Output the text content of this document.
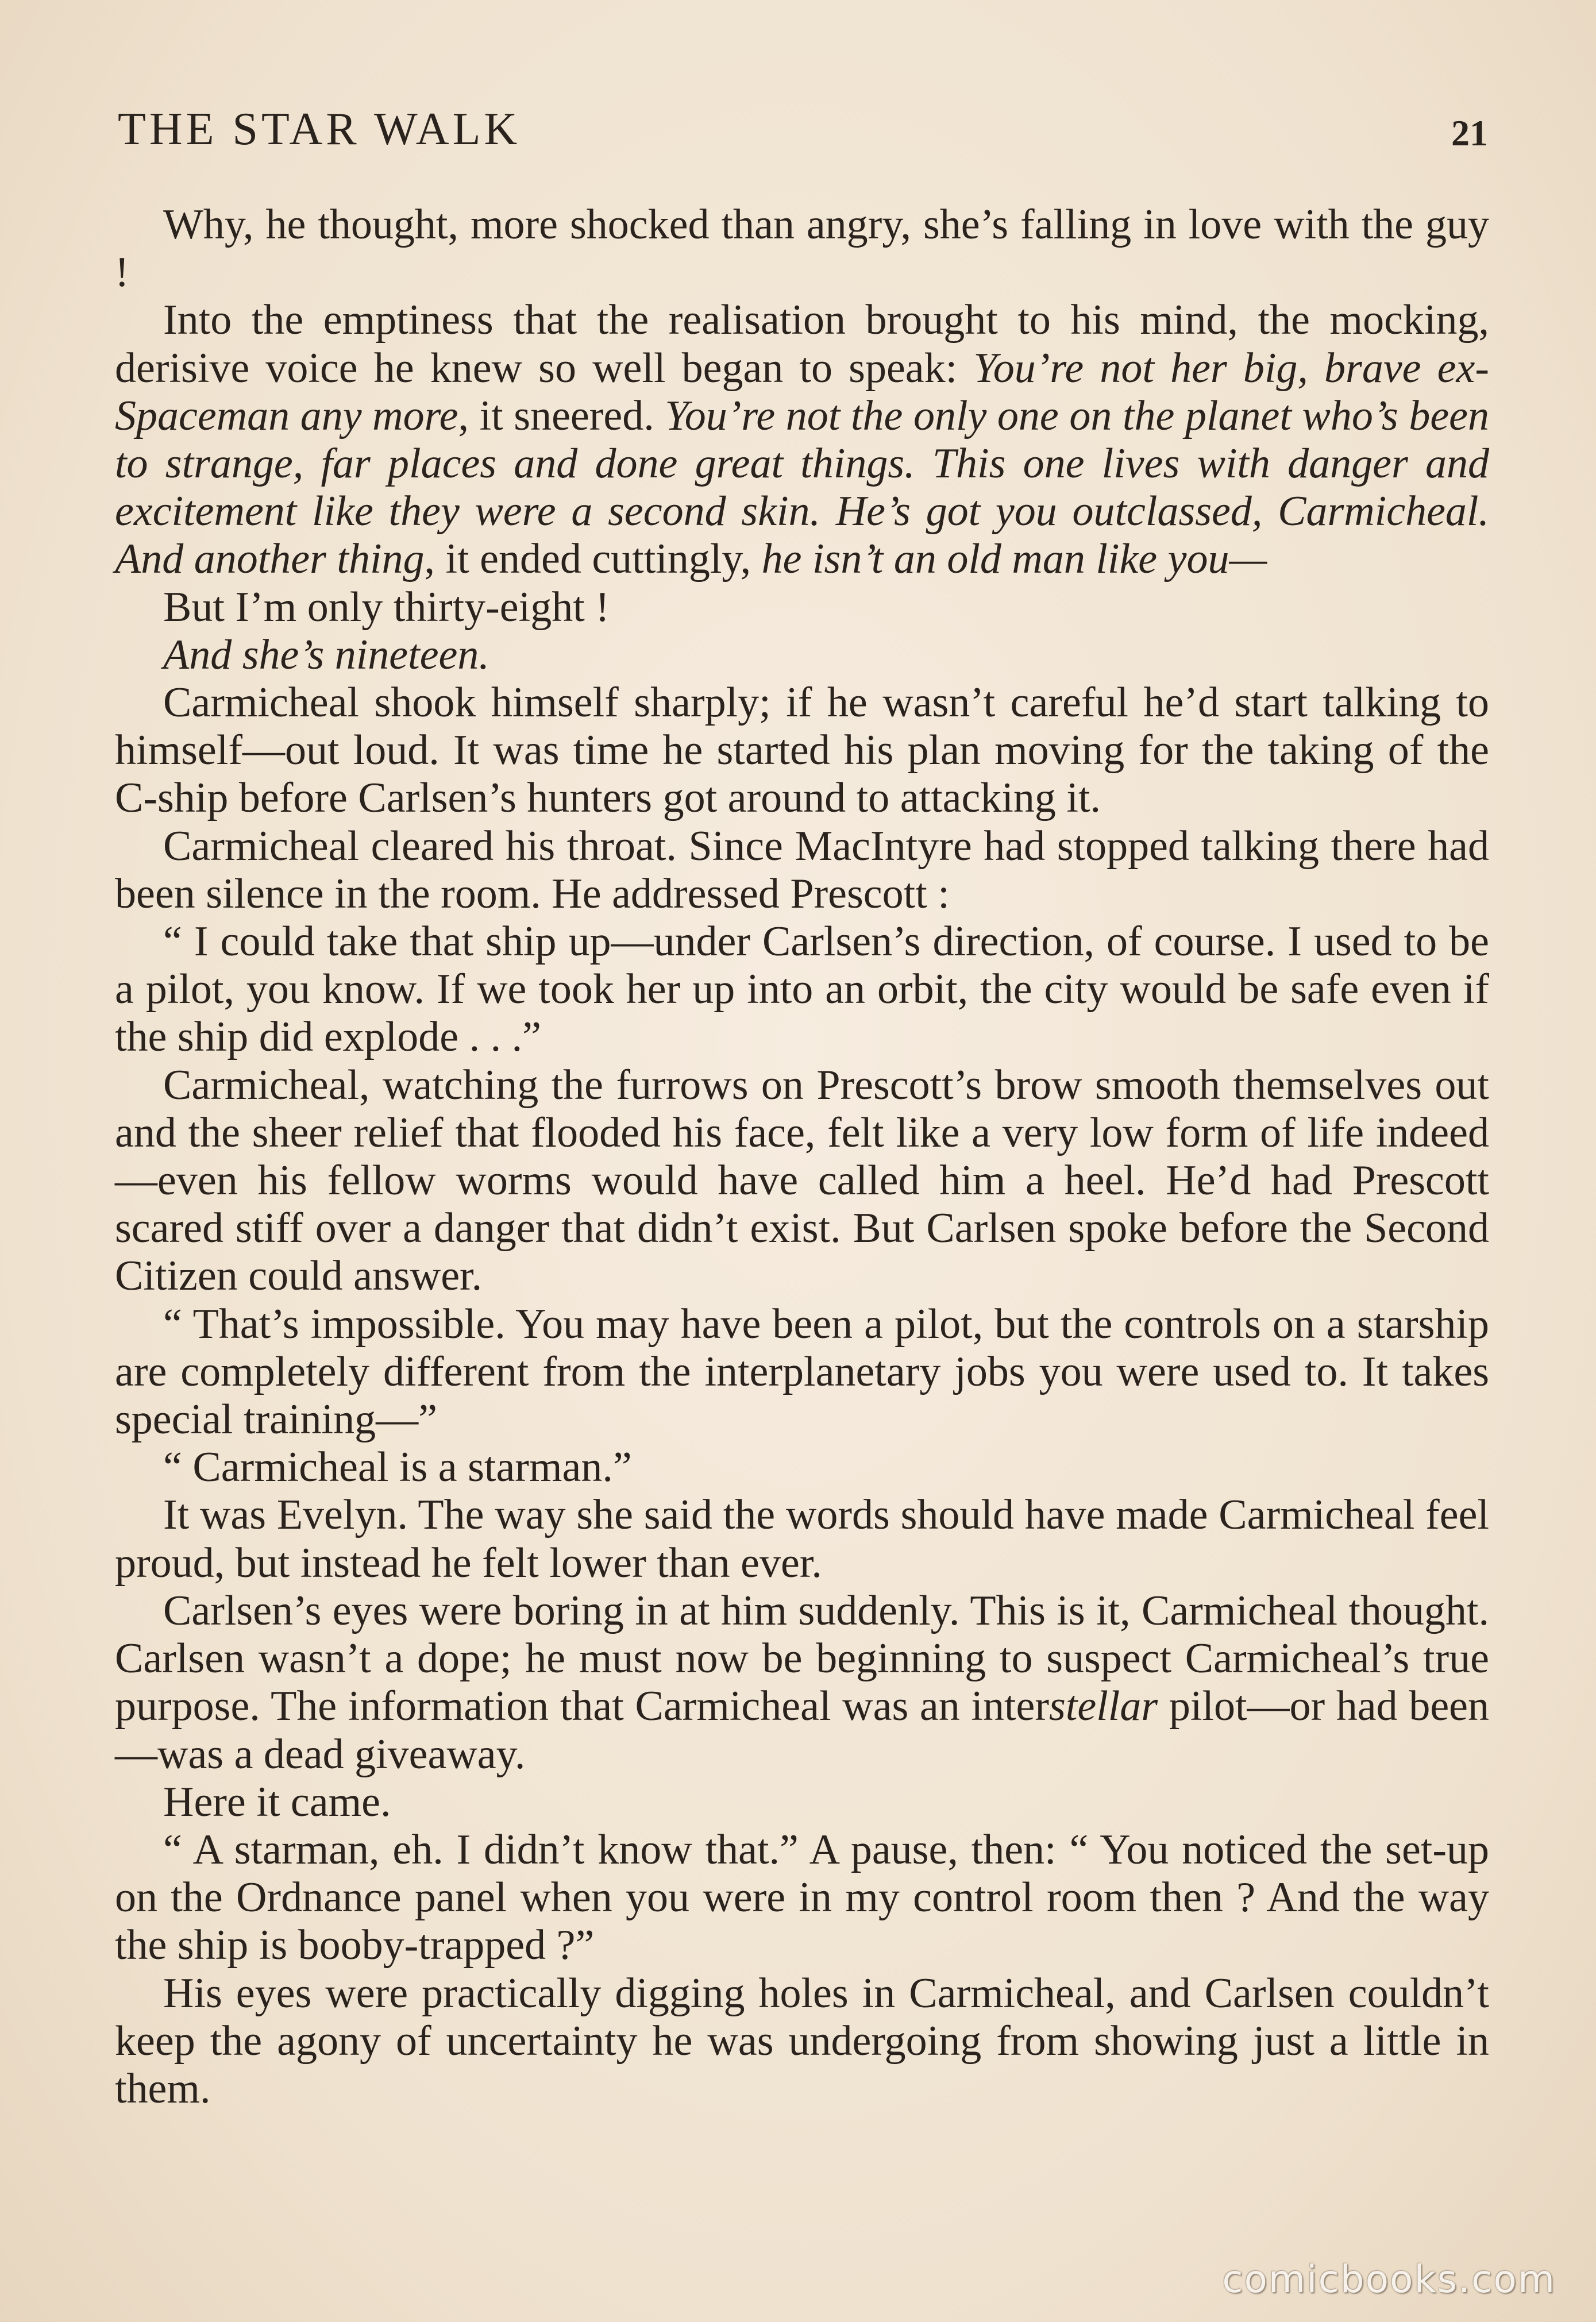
THE STAR WALK	21

Why, he thought, more shocked than angry, she’s falling in love with the guy !

Into the emptiness that the realisation brought to his mind, the mocking, derisive voice he knew so well began to speak: You’re not her big, brave ex-Spaceman any more, it sneered. You’re not the only one on the planet who’s been to strange, far places and done great things. This one lives with danger and excitement like they were a second skin. He’s got you outclassed, Carmicheal. And another thing, it ended cuttingly, he isn’t an old man like you—

But I’m only thirty-eight !

And she’s nineteen.

Carmicheal shook himself sharply; if he wasn’t careful he’d start talking to himself—out loud. It was time he started his plan moving for the taking of the C-ship before Carlsen’s hunters got around to attacking it.

Carmicheal cleared his throat. Since MacIntyre had stopped talking there had been silence in the room. He addressed Prescott :

“ I could take that ship up—under Carlsen’s direction, of course. I used to be a pilot, you know. If we took her up into an orbit, the city would be safe even if the ship did explode . . .”

Carmicheal, watching the furrows on Prescott’s brow smooth themselves out and the sheer relief that flooded his face, felt like a very low form of life indeed—even his fellow worms would have called him a heel. He’d had Prescott scared stiff over a danger that didn’t exist. But Carlsen spoke before the Second Citizen could answer.

“ That’s impossible. You may have been a pilot, but the controls on a starship are completely different from the interplanetary jobs you were used to. It takes special training—”

“ Carmicheal is a starman.”

It was Evelyn. The way she said the words should have made Carmicheal feel proud, but instead he felt lower than ever.

Carlsen’s eyes were boring in at him suddenly. This is it, Carmicheal thought. Carlsen wasn’t a dope; he must now be beginning to suspect Carmicheal’s true purpose. The information that Carmicheal was an interstellar pilot—or had been—was a dead giveaway.

Here it came.

“ A starman, eh. I didn’t know that.” A pause, then: “ You noticed the set-up on the Ordnance panel when you were in my control room then ? And the way the ship is booby-trapped ?”

His eyes were practically digging holes in Carmicheal, and Carlsen couldn’t keep the agony of uncertainty he was undergoing from showing just a little in them.

comicbooks.com
